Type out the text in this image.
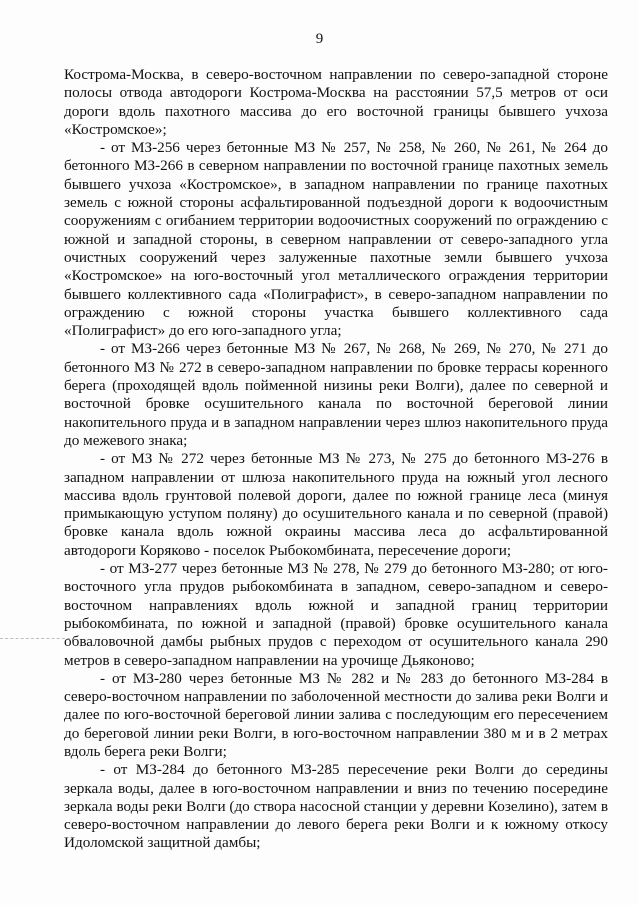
9

Кострома-Москва, в северо-восточном направлении по северо-западной стороне полосы отвода автодороги Кострома-Москва на расстоянии 57,5 метров от оси дороги вдоль пахотного массива до его восточной границы бывшего учхоза «Костромское»;

- от МЗ-256 через бетонные МЗ № 257, № 258, № 260, № 261, № 264 до бетонного МЗ-266 в северном направлении по восточной границе пахотных земель бывшего учхоза «Костромское», в западном направлении по границе пахотных земель с южной стороны асфальтированной подъездной дороги к водоочистным сооружениям с огибанием территории водоочистных сооружений по ограждению с южной и западной стороны, в северном направлении от северо-западного угла очистных сооружений через залуженные пахотные земли бывшего учхоза «Костромское» на юго-восточный угол металлического ограждения территории бывшего коллективного сада «Полиграфист», в северо-западном направлении по ограждению с южной стороны участка бывшего коллективного сада «Полиграфист» до его юго-западного угла;

- от МЗ-266 через бетонные МЗ № 267, № 268, № 269, № 270, № 271 до бетонного МЗ № 272 в северо-западном направлении по бровке террасы коренного берега (проходящей вдоль пойменной низины реки Волги), далее по северной и восточной бровке осушительного канала по восточной береговой линии накопительного пруда и в западном направлении через шлюз накопительного пруда до межевого знака;

- от МЗ № 272 через бетонные МЗ № 273, № 275 до бетонного МЗ-276 в западном направлении от шлюза накопительного пруда на южный угол лесного массива вдоль грунтовой полевой дороги, далее по южной границе леса (минуя примыкающую уступом поляну) до осушительного канала и по северной (правой) бровке канала вдоль южной окраины массива леса до асфальтированной автодороги Коряково - поселок Рыбокомбината, пересечение дороги;

- от МЗ-277 через бетонные МЗ № 278, № 279 до бетонного МЗ-280; от юго-восточного угла прудов рыбокомбината в западном, северо-западном и северо-восточном направлениях вдоль южной и западной границ территории рыбокомбината, по южной и западной (правой) бровке осушительного канала обваловочной дамбы рыбных прудов с переходом от осушительного канала 290 метров в северо-западном направлении на урочище Дьяконово;

- от МЗ-280 через бетонные МЗ № 282 и № 283 до бетонного МЗ-284 в северо-восточном направлении по заболоченной местности до залива реки Волги и далее по юго-восточной береговой линии залива с последующим его пересечением до береговой линии реки Волги, в юго-восточном направлении 380 м и в 2 метрах вдоль берега реки Волги;

- от МЗ-284 до бетонного МЗ-285 пересечение реки Волги до середины зеркала воды, далее в юго-восточном направлении и вниз по течению посередине зеркала воды реки Волги (до створа насосной станции у деревни Козелино), затем в северо-восточном направлении до левого берега реки Волги и к южному откосу Идоломской защитной дамбы;
